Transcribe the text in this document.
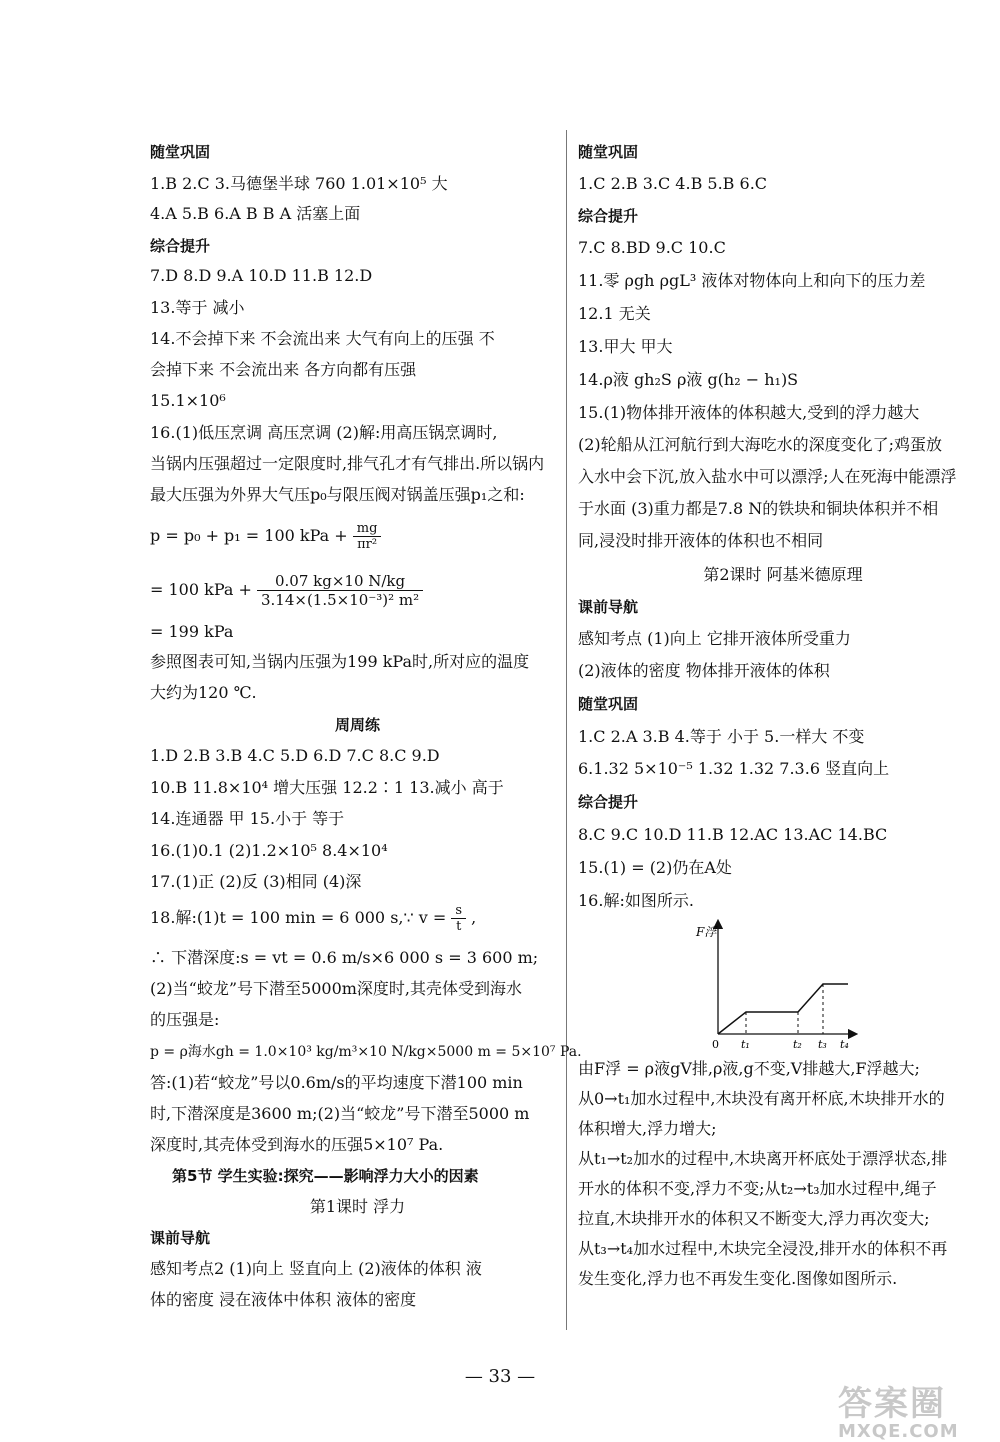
随堂巩固
1.B 2.C 3.马德堡半球 760 1.01×10⁵ 大
4.A 5.B 6.A B B A 活塞上面
综合提升
7.D 8.D 9.A 10.D 11.B 12.D
13.等于 减小
14.不会掉下来 不会流出来 大气有向上的压强 不
会掉下来 不会流出来 各方向都有压强
15.1×10⁶
16.(1)低压烹调 高压烹调 (2)解:用高压锅烹调时,
当锅内压强超过一定限度时,排气孔才有气排出.所以锅内
最大压强为外界大气压p₀与限压阀对锅盖压强p₁之和:
p = p₀ + p₁ = 100 kPa + $\frac{mg}{\text{πr²}}$
= 100 kPa + $\frac{0.07 kg\times 10 N/kg}{\text{3.14×(1.5×10⁻³)² m²}}$
= 199 kPa
参照图表可知,当锅内压强为199 kPa时,所对应的温度
大约为120 ℃.
周周练
1.D 2.B 3.B 4.C 5.D 6.D 7.C 8.C 9.D
10.B 11.8×10⁴ 增大压强 12.2∶1 13.减小 高于
14.连通器 甲 15.小于 等于
16.(1)0.1 (2)1.2×10⁵ 8.4×10⁴
17.(1)正 (2)反 (3)相同 (4)深
18.解:(1)t = 100 min = 6 000 s,∵ $v = \frac{s}{t}$ ,
∴ 下潜深度:s = vt = 0.6 m/s×6 000 s = 3 600 m;
(2)当“蛟龙”号下潜至5000m深度时,其壳体受到海水
的压强是:
p = ρ海水gh = 1.0×10³ kg/m³×10 N/kg×5000 m = 5×10⁷ Pa.
答:(1)若“蛟龙”号以0.6m/s的平均速度下潜100 min
时,下潜深度是3600 m;(2)当“蛟龙”号下潜至5000 m
深度时,其壳体受到海水的压强5×10⁷ Pa.
第5节 学生实验:探究——影响浮力大小的因素
第1课时 浮力
课前导航
感知考点2 (1)向上 竖直向上 (2)液体的体积 液
体的密度 浸在液体中体积 液体的密度
随堂巩固
1.C 2.B 3.C 4.B 5.B 6.C
综合提升
7.C 8.BD 9.C 10.C
11.零 ρgh ρgL³ 液体对物体向上和向下的压力差
12.1 无关
13.甲大 甲大
14.ρ液 gh₂S ρ液 g(h₂ − h₁)S
15.(1)物体排开液体的体积越大,受到的浮力越大
(2)轮船从江河航行到大海吃水的深度变化了;鸡蛋放
入水中会下沉,放入盐水中可以漂浮;人在死海中能漂浮
于水面 (3)重力都是7.8 N的铁块和铜块体积并不相
同,浸没时排开液体的体积也不相同
第2课时 阿基米德原理
课前导航
感知考点 (1)向上 它排开液体所受重力
(2)液体的密度 物体排开液体的体积
随堂巩固
1.C 2.A 3.B 4.等于 小于 5.一样大 不变
6.1.32 5×10⁻⁵ 1.32 1.32 7.3.6 竖直向上
综合提升
8.C 9.C 10.D 11.B 12.AC 13.AC 14.BC
15.(1) = (2)仍在A处
16.解:如图所示.
F浮
0 t₁	t₂ t₃ t₄
由F浮 = ρ液gV排,ρ液,g不变,V排越大,F浮越大;
从0→t₁加水过程中,木块没有离开杯底,木块排开水的
体积增大,浮力增大;
从t₁→t₂加水的过程中,木块离开杯底处于漂浮状态,排
开水的体积不变,浮力不变;从t₂→t₃加水过程中,绳子
拉直,木块排开水的体积又不断变大,浮力再次变大;
从t₃→t₄加水过程中,木块完全浸没,排开水的体积不再
发生变化,浮力也不再发生变化.图像如图所示.
— 33 —
答案圈
MXQE.COM
